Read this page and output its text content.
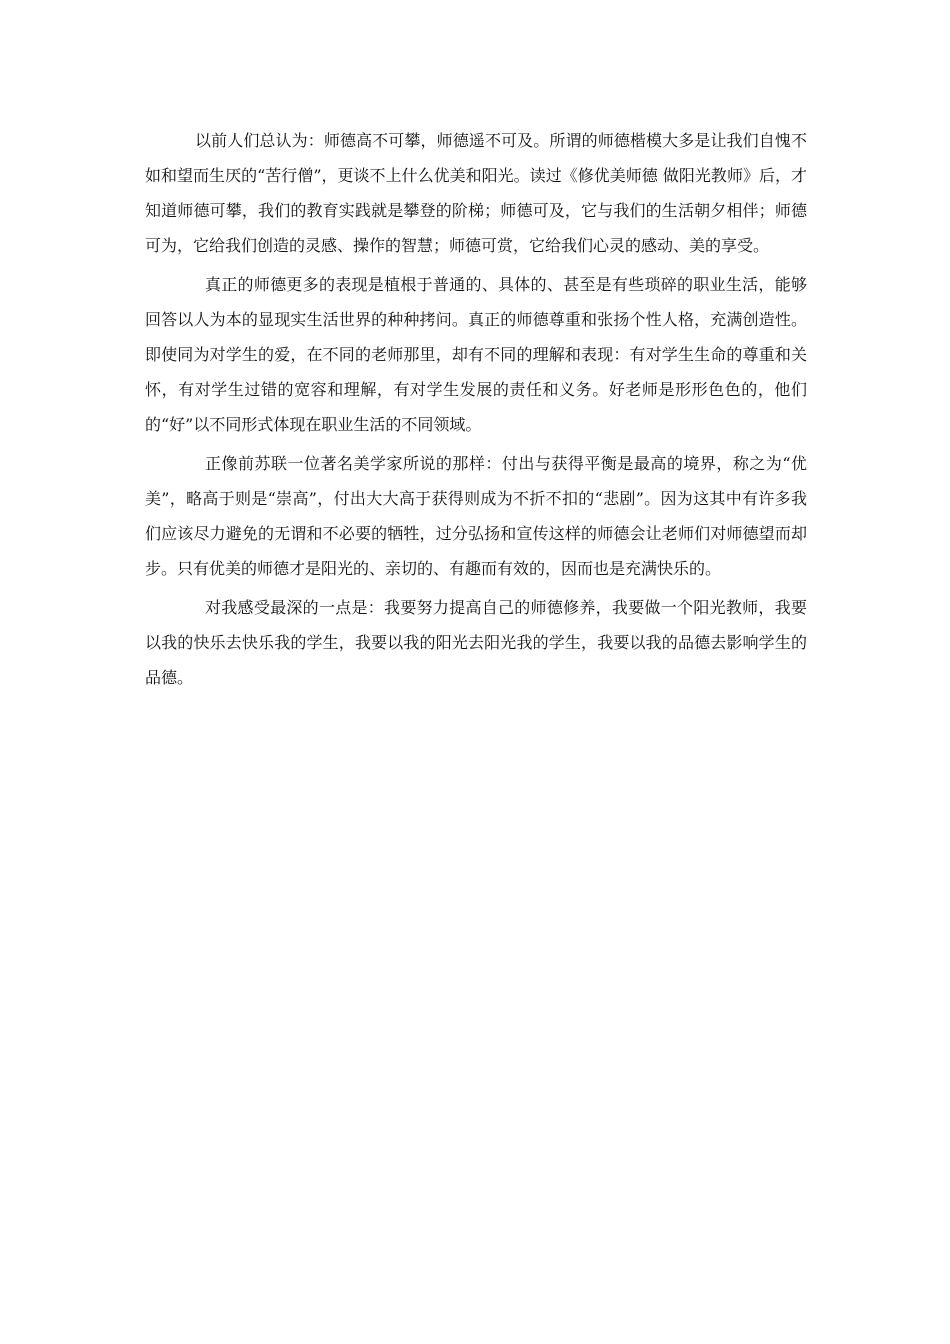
以前人们总认为：师德高不可攀，师德遥不可及。所谓的师德楷模大多是让我们自愧不如和望而生厌的“苦行僧”，更谈不上什么优美和阳光。读过《修优美师德 做阳光教师》后，才知道师德可攀，我们的教育实践就是攀登的阶梯；师德可及，它与我们的生活朝夕相伴；师德可为，它给我们创造的灵感、操作的智慧；师德可赏，它给我们心灵的感动、美的享受。

真正的师德更多的表现是植根于普通的、具体的、甚至是有些琐碎的职业生活，能够回答以人为本的显现实生活世界的种种拷问。真正的师德尊重和张扬个性人格，充满创造性。即使同为对学生的爱，在不同的老师那里，却有不同的理解和表现：有对学生生命的尊重和关怀，有对学生过错的宽容和理解，有对学生发展的责任和义务。好老师是形形色色的，他们的“好”以不同形式体现在职业生活的不同领域。

正像前苏联一位著名美学家所说的那样：付出与获得平衡是最高的境界，称之为“优美”，略高于则是“崇高”，付出大大高于获得则成为不折不扣的“悲剧”。因为这其中有许多我们应该尽力避免的无谓和不必要的牺牲，过分弘扬和宣传这样的师德会让老师们对师德望而却步。只有优美的师德才是阳光的、亲切的、有趣而有效的，因而也是充满快乐的。

对我感受最深的一点是：我要努力提高自己的师德修养，我要做一个阳光教师，我要以我的快乐去快乐我的学生，我要以我的阳光去阳光我的学生，我要以我的品德去影响学生的品德。
